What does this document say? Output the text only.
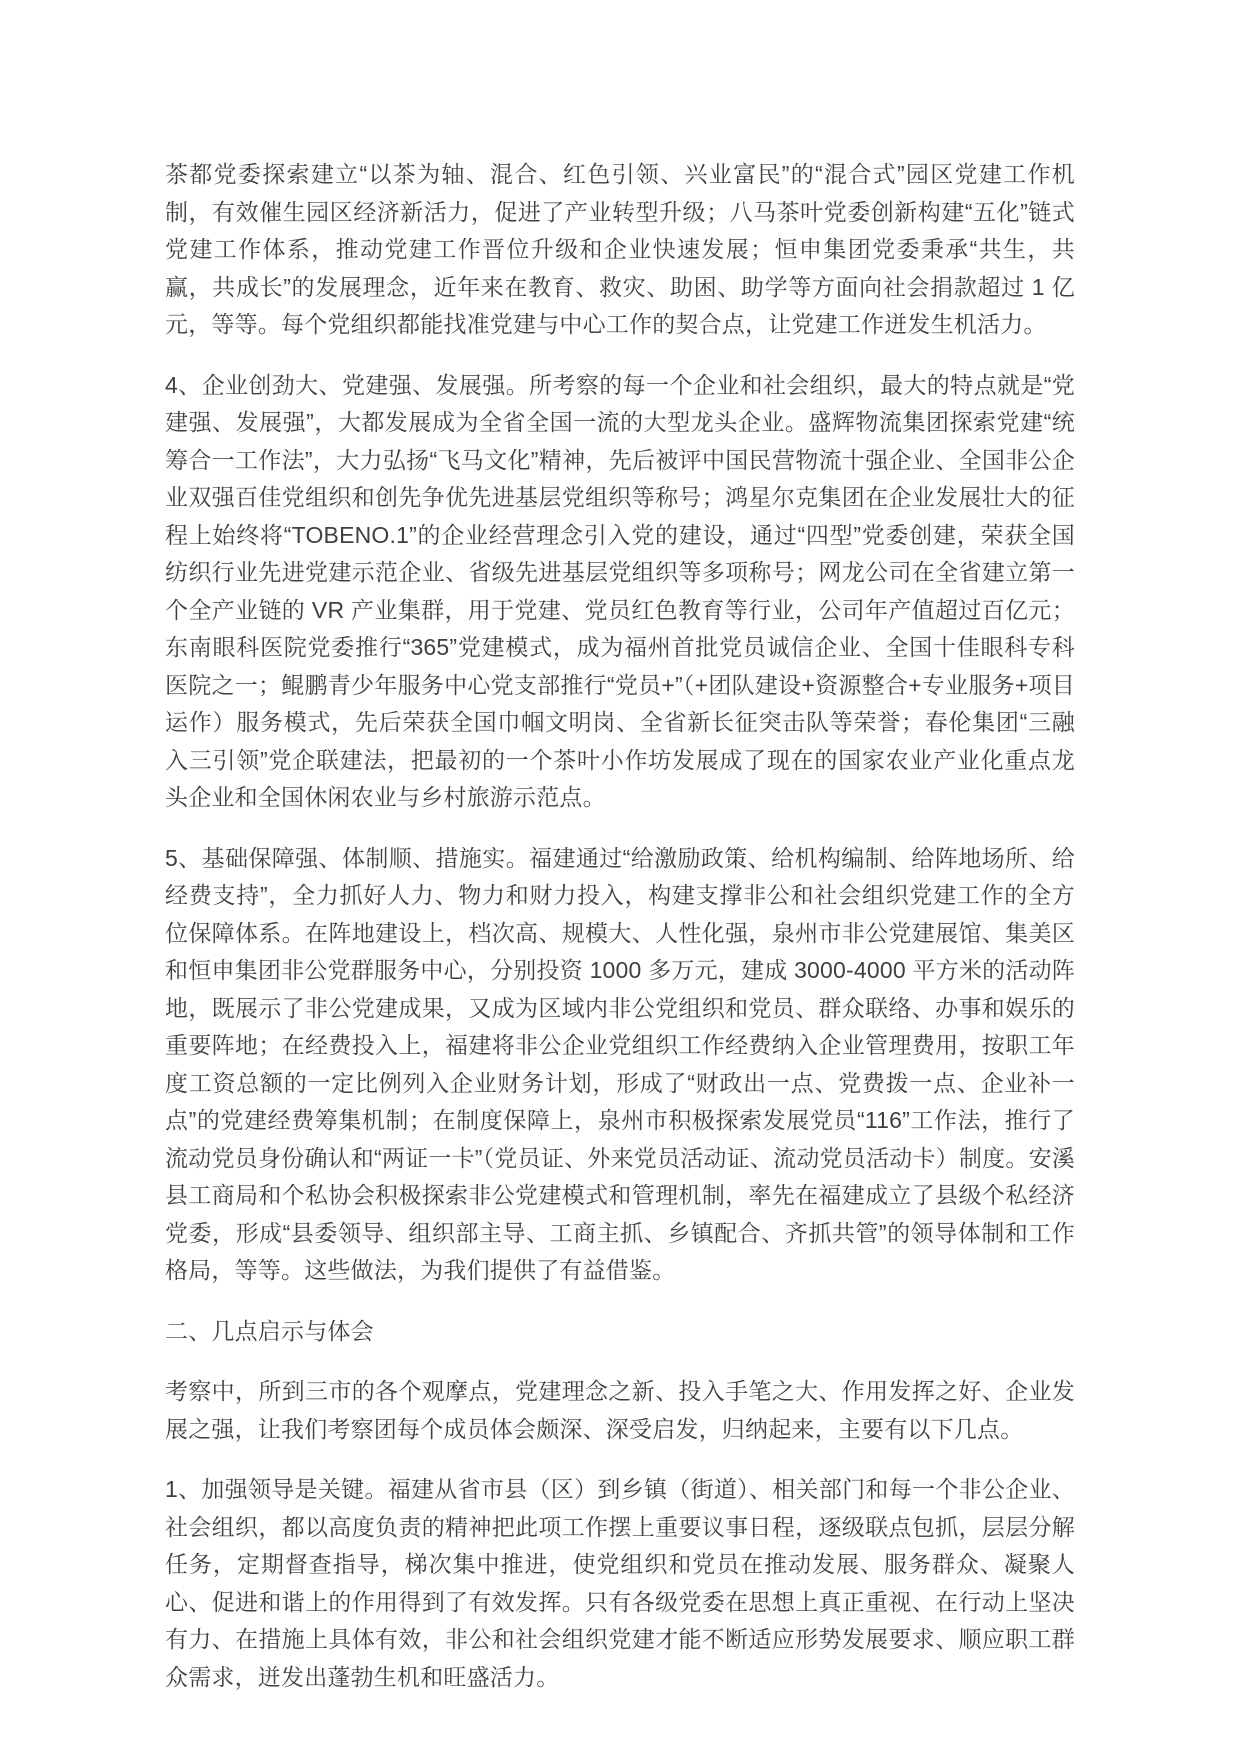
茶都党委探索建立“以茶为轴、混合、红色引领、兴业富民”的“混合式”园区党建工作机制，有效催生园区经济新活力，促进了产业转型升级；八马茶叶党委创新构建“五化”链式党建工作体系，推动党建工作晋位升级和企业快速发展；恒申集团党委秉承“共生，共赢，共成长”的发展理念，近年来在教育、救灾、助困、助学等方面向社会捐款超过 1 亿元，等等。每个党组织都能找准党建与中心工作的契合点，让党建工作迸发生机活力。

4、企业创劲大、党建强、发展强。所考察的每一个企业和社会组织，最大的特点就是“党建强、发展强”，大都发展成为全省全国一流的大型龙头企业。盛辉物流集团探索党建“统筹合一工作法”，大力弘扬“飞马文化”精神，先后被评中国民营物流十强企业、全国非公企业双强百佳党组织和创先争优先进基层党组织等称号；鸿星尔克集团在企业发展壮大的征程上始终将“TOBENO.1”的企业经营理念引入党的建设，通过“四型”党委创建，荣获全国纺织行业先进党建示范企业、省级先进基层党组织等多项称号；网龙公司在全省建立第一个全产业链的 VR 产业集群，用于党建、党员红色教育等行业，公司年产值超过百亿元；东南眼科医院党委推行“365”党建模式，成为福州首批党员诚信企业、全国十佳眼科专科医院之一；鲲鹏青少年服务中心党支部推行“党员+”（+团队建设+资源整合+专业服务+项目运作）服务模式，先后荣获全国巾帼文明岗、全省新长征突击队等荣誉；春伦集团“三融入三引领”党企联建法，把最初的一个茶叶小作坊发展成了现在的国家农业产业化重点龙头企业和全国休闲农业与乡村旅游示范点。

5、基础保障强、体制顺、措施实。福建通过“给激励政策、给机构编制、给阵地场所、给经费支持”，全力抓好人力、物力和财力投入，构建支撑非公和社会组织党建工作的全方位保障体系。在阵地建设上，档次高、规模大、人性化强，泉州市非公党建展馆、集美区和恒申集团非公党群服务中心，分别投资 1000 多万元，建成 3000-4000 平方米的活动阵地，既展示了非公党建成果，又成为区域内非公党组织和党员、群众联络、办事和娱乐的重要阵地；在经费投入上，福建将非公企业党组织工作经费纳入企业管理费用，按职工年度工资总额的一定比例列入企业财务计划，形成了“财政出一点、党费拨一点、企业补一点”的党建经费筹集机制；在制度保障上，泉州市积极探索发展党员“116”工作法，推行了流动党员身份确认和“两证一卡”（党员证、外来党员活动证、流动党员活动卡）制度。安溪县工商局和个私协会积极探索非公党建模式和管理机制，率先在福建成立了县级个私经济党委，形成“县委领导、组织部主导、工商主抓、乡镇配合、齐抓共管”的领导体制和工作格局，等等。这些做法，为我们提供了有益借鉴。

二、几点启示与体会

考察中，所到三市的各个观摩点，党建理念之新、投入手笔之大、作用发挥之好、企业发展之强，让我们考察团每个成员体会颇深、深受启发，归纳起来，主要有以下几点。

1、加强领导是关键。福建从省市县（区）到乡镇（街道）、相关部门和每一个非公企业、社会组织，都以高度负责的精神把此项工作摆上重要议事日程，逐级联点包抓，层层分解任务，定期督查指导，梯次集中推进，使党组织和党员在推动发展、服务群众、凝聚人心、促进和谐上的作用得到了有效发挥。只有各级党委在思想上真正重视、在行动上坚决有力、在措施上具体有效，非公和社会组织党建才能不断适应形势发展要求、顺应职工群众需求，迸发出蓬勃生机和旺盛活力。
